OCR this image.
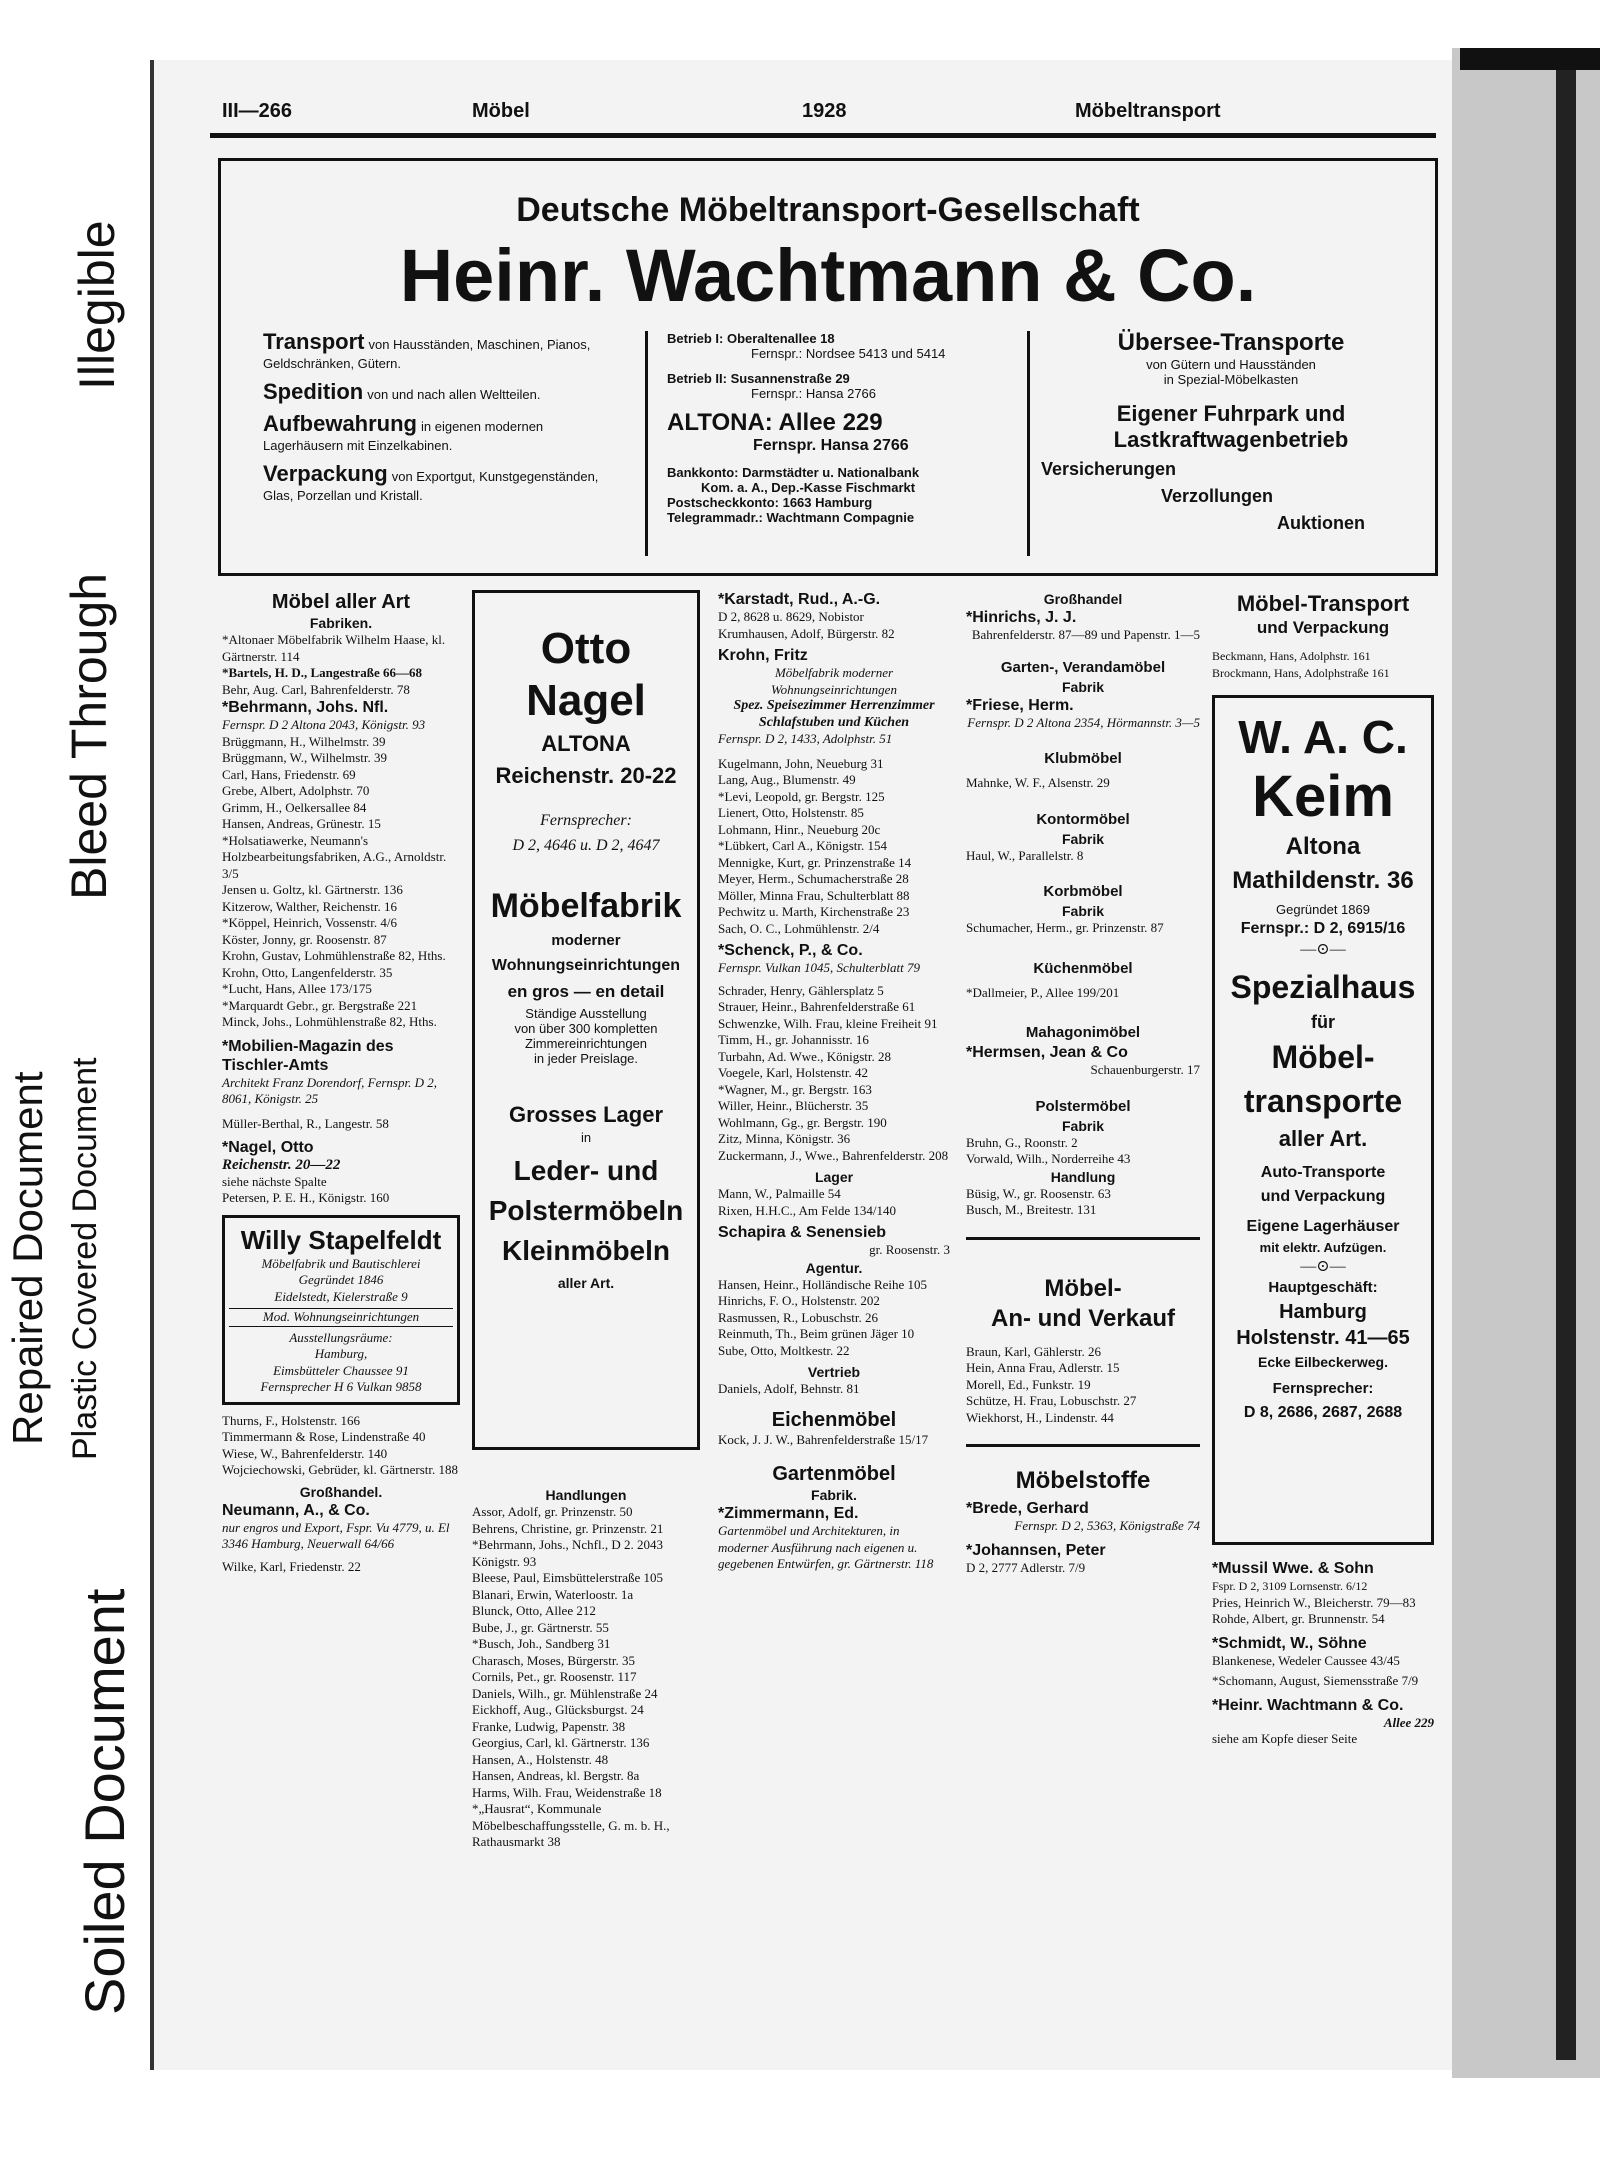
Repaired Document Plastic Covered Document
Bleed Through
Illegible
Soiled Document
III—266	Möbel	1928	Möbeltransport
Deutsche Möbeltransport-Gesellschaft
Heinr. Wachtmann & Co.
Transport von Hausständen, Maschinen, Pianos, Geldschränken, Gütern.
Spedition von und nach allen Weltteilen.
Aufbewahrung in eigenen modernen Lagerhäusern mit Einzelkabinen.
Verpackung von Exportgut, Kunstgegenständen, Glas, Porzellan und Kristall.
Betrieb I: Oberaltenallee 18
Fernspr.: Nordsee 5413 und 5414
Betrieb II: Susannenstraße 29
Fernspr.: Hansa 2766
ALTONA: Allee 229
Fernspr. Hansa 2766
Bankkonto: Darmstädter u. Nationalbank
Kom. a. A., Dep.-Kasse Fischmarkt
Postscheckkonto: 1663 Hamburg
Telegrammadr.: Wachtmann Compagnie
Übersee-Transporte
von Gütern und Hausständen
in Spezial-Möbelkasten
Eigener Fuhrpark und
Lastkraftwagenbetrieb
Versicherungen
Verzollungen
Auktionen
Möbel aller Art
Fabriken.
*Altonaer Möbelfabrik Wilhelm Haase, kl. Gärtnerstr. 114
*Bartels, H. D., Langestraße 66—68
Behr, Aug. Carl, Bahrenfelderstr. 78
*Behrmann, Johs. Nfl.
Fernspr. D 2 Altona 2043, Königstr. 93
Brüggmann, H., Wilhelmstr. 39
Brüggmann, W., Wilhelmstr. 39
Carl, Hans, Friedenstr. 69
Grebe, Albert, Adolphstr. 70
Grimm, H., Oelkersallee 84
Hansen, Andreas, Grünestr. 15
*Holsatiawerke, Neumann's Holzbearbeitungsfabriken, A.G., Arnoldstr. 3/5
Jensen u. Goltz, kl. Gärtnerstr. 136
Kitzerow, Walther, Reichenstr. 16
*Köppel, Heinrich, Vossenstr. 4/6
Köster, Jonny, gr. Roosenstr. 87
Krohn, Gustav, Lohmühlenstraße 82, Hths.
Krohn, Otto, Langenfelderstr. 35
*Lucht, Hans, Allee 173/175
*Marquardt Gebr., gr. Bergstraße 221
Minck, Johs., Lohmühlenstraße 82, Hths.
*Mobilien-Magazin des Tischler-Amts
Architekt Franz Dorendorf, Fernspr. D 2, 8061, Königstr. 25
Müller-Berthal, R., Langestr. 58
*Nagel, Otto
Reichenstr. 20—22
siehe nächste Spalte
Petersen, P. E. H., Königstr. 160
Willy Stapelfeldt
Möbelfabrik und Bautischlerei
Gegründet 1846
Eidelstedt, Kielerstraße 9
Mod. Wohnungseinrichtungen
Ausstellungsräume:
Hamburg,
Eimsbütteler Chaussee 91
Fernsprecher H 6 Vulkan 9858
Thurns, F., Holstenstr. 166
Timmermann & Rose, Lindenstraße 40
Wiese, W., Bahrenfelderstr. 140
Wojciechowski, Gebrüder, kl. Gärtnerstr. 188
Großhandel.
Neumann, A., & Co.
nur engros und Export, Fspr. Vu 4779, u. El 3346 Hamburg, Neuerwall 64/66
Wilke, Karl, Friedenstr. 22
Otto Nagel
ALTONA
Reichenstr. 20-22
Fernsprecher:
D 2, 4646 u. D 2, 4647
Möbelfabrik
moderner
Wohnungseinrichtungen
en gros — en detail
Ständige Ausstellung
von über 300 kompletten
Zimmereinrichtungen
in jeder Preislage.
Grosses Lager
in
Leder- und
Polstermöbeln
Kleinmöbeln
aller Art.
Handlungen
Assor, Adolf, gr. Prinzenstr. 50
Behrens, Christine, gr. Prinzenstr. 21
*Behrmann, Johs., Nchfl., D 2. 2043 Königstr. 93
Bleese, Paul, Eimsbüttelerstraße 105
Blanari, Erwin, Waterloostr. 1a
Blunck, Otto, Allee 212
Bube, J., gr. Gärtnerstr. 55
*Busch, Joh., Sandberg 31
Charasch, Moses, Bürgerstr. 35
Cornils, Pet., gr. Roosenstr. 117
Daniels, Wilh., gr. Mühlenstraße 24
Eickhoff, Aug., Glücksburgst. 24
Franke, Ludwig, Papenstr. 38
Georgius, Carl, kl. Gärtnerstr. 136
Hansen, A., Holstenstr. 48
Hansen, Andreas, kl. Bergstr. 8a
Harms, Wilh. Frau, Weidenstraße 18
*„Hausrat“, Kommunale Möbelbeschaffungsstelle, G. m. b. H., Rathausmarkt 38
*Karstadt, Rud., A.-G.
D 2, 8628 u. 8629, Nobistor
Krumhausen, Adolf, Bürgerstr. 82
Krohn, Fritz
Möbelfabrik moderner Wohnungseinrichtungen
Spez. Speisezimmer Herrenzimmer Schlafstuben und Küchen
Fernspr. D 2, 1433, Adolphstr. 51
Kugelmann, John, Neueburg 31
Lang, Aug., Blumenstr. 49
*Levi, Leopold, gr. Bergstr. 125
Lienert, Otto, Holstenstr. 85
Lohmann, Hinr., Neueburg 20c
*Lübkert, Carl A., Königstr. 154
Mennigke, Kurt, gr. Prinzenstraße 14
Meyer, Herm., Schumacherstraße 28
Möller, Minna Frau, Schulterblatt 88
Pechwitz u. Marth, Kirchenstraße 23
Sach, O. C., Lohmühlenstr. 2/4
*Schenck, P., & Co.
Fernspr. Vulkan 1045, Schulterblatt 79
Schrader, Henry, Gählersplatz 5
Strauer, Heinr., Bahrenfelderstraße 61
Schwenzke, Wilh. Frau, kleine Freiheit 91
Timm, H., gr. Johannisstr. 16
Turbahn, Ad. Wwe., Königstr. 28
Voegele, Karl, Holstenstr. 42
*Wagner, M., gr. Bergstr. 163
Willer, Heinr., Blücherstr. 35
Wohlmann, Gg., gr. Bergstr. 190
Zitz, Minna, Königstr. 36
Zuckermann, J., Wwe., Bahrenfelderstr. 208
Lager
Mann, W., Palmaille 54
Rixen, H.H.C., Am Felde 134/140
Schapira & Senensieb
gr. Roosenstr. 3
Agentur.
Hansen, Heinr., Holländische Reihe 105
Hinrichs, F. O., Holstenstr. 202
Rasmussen, R., Lobuschstr. 26
Reinmuth, Th., Beim grünen Jäger 10
Sube, Otto, Moltkestr. 22
Vertrieb
Daniels, Adolf, Behnstr. 81
Eichenmöbel
Kock, J. J. W., Bahrenfelderstraße 15/17
Gartenmöbel
Fabrik.
*Zimmermann, Ed.
Gartenmöbel und Architekturen, in moderner Ausführung nach eigenen u. gegebenen Entwürfen, gr. Gärtnerstr. 118
Großhandel
*Hinrichs, J. J.
Bahrenfelderstr. 87—89 und Papenstr. 1—5
Garten-, Verandamöbel
Fabrik
*Friese, Herm.
Fernspr. D 2 Altona 2354, Hörmannstr. 3—5
Klubmöbel
Mahnke, W. F., Alsenstr. 29
Kontormöbel
Fabrik
Haul, W., Parallelstr. 8
Korbmöbel
Fabrik
Schumacher, Herm., gr. Prinzenstr. 87
Küchenmöbel
*Dallmeier, P., Allee 199/201
Mahagonimöbel
*Hermsen, Jean & Co
Schauenburgerstr. 17
Polstermöbel
Fabrik
Bruhn, G., Roonstr. 2
Vorwald, Wilh., Norderreihe 43
Handlung
Büsig, W., gr. Roosenstr. 63
Busch, M., Breitestr. 131
Möbel-
An- und Verkauf
Braun, Karl, Gählerstr. 26
Hein, Anna Frau, Adlerstr. 15
Morell, Ed., Funkstr. 19
Schütze, H. Frau, Lobuschstr. 27
Wiekhorst, H., Lindenstr. 44
Möbelstoffe
*Brede, Gerhard
Fernspr. D 2, 5363, Königstraße 74
*Johannsen, Peter
D 2, 2777 Adlerstr. 7/9
Möbel-Transport
und Verpackung
Beckmann, Hans, Adolphstr. 161
Brockmann, Hans, Adolphstraße 161
W. A. C.
Keim
Altona
Mathildenstr. 36
Gegründet 1869
Fernspr.: D 2, 6915/16
—⊙—
Spezialhaus
für
Möbel-
transporte
aller Art.
Auto-Transporte
und Verpackung
Eigene Lagerhäuser
mit elektr. Aufzügen.
—⊙—
Hauptgeschäft:
Hamburg
Holstenstr. 41—65
Ecke Eilbeckerweg.
Fernsprecher:
D 8, 2686, 2687, 2688
*Mussil Wwe. & Sohn
Fspr. D 2, 3109 Lornsenstr. 6/12
Pries, Heinrich W., Bleicherstr. 79—83
Rohde, Albert, gr. Brunnenstr. 54
*Schmidt, W., Söhne
Blankenese, Wedeler Caussee 43/45
*Schomann, August, Siemensstraße 7/9
*Heinr. Wachtmann & Co.
Allee 229
siehe am Kopfe dieser Seite
